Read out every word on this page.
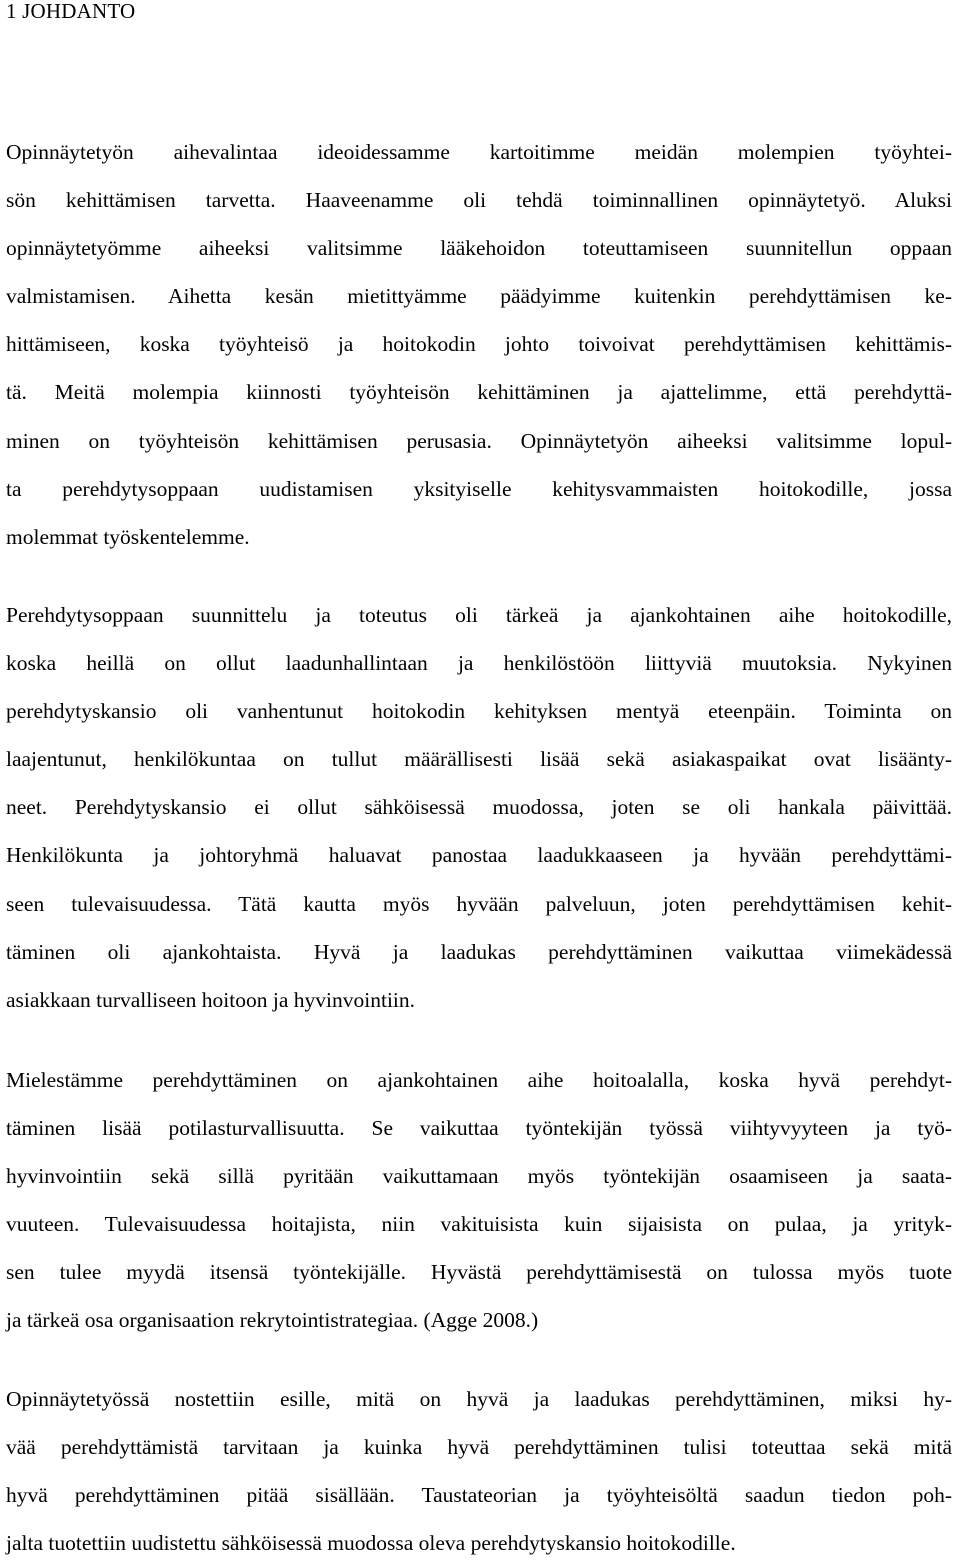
1 JOHDANTO

Opinnäytetyön aihevalintaa ideoidessamme kartoitimme meidän molempien työyhtei-
sön kehittämisen tarvetta. Haaveenamme oli tehdä toiminnallinen opinnäytetyö. Aluksi
opinnäytetyömme aiheeksi valitsimme lääkehoidon toteuttamiseen suunnitellun oppaan
valmistamisen. Aihetta kesän mietittyämme päädyimme kuitenkin perehdyttämisen ke-
hittämiseen, koska työyhteisö ja hoitokodin johto toivoivat perehdyttämisen kehittämis-
tä. Meitä molempia kiinnosti työyhteisön kehittäminen ja ajattelimme, että perehdyttä-
minen on työyhteisön kehittämisen perusasia. Opinnäytetyön aiheeksi valitsimme lopul-
ta perehdytysoppaan uudistamisen yksityiselle kehitysvammaisten hoitokodille, jossa
molemmat työskentelemme.

Perehdytysoppaan suunnittelu ja toteutus oli tärkeä ja ajankohtainen aihe hoitokodille,
koska heillä on ollut laadunhallintaan ja henkilöstöön liittyviä muutoksia. Nykyinen
perehdytyskansio oli vanhentunut hoitokodin kehityksen mentyä eteenpäin. Toiminta on
laajentunut, henkilökuntaa on tullut määrällisesti lisää sekä asiakaspaikat ovat lisäänty-
neet. Perehdytyskansio ei ollut sähköisessä muodossa, joten se oli hankala päivittää.
Henkilökunta ja johtoryhmä haluavat panostaa laadukkaaseen ja hyvään perehdyttämi-
seen tulevaisuudessa. Tätä kautta myös hyvään palveluun, joten perehdyttämisen kehit-
täminen oli ajankohtaista. Hyvä ja laadukas perehdyttäminen vaikuttaa viimekädessä
asiakkaan turvalliseen hoitoon ja hyvinvointiin.

Mielestämme perehdyttäminen on ajankohtainen aihe hoitoalalla, koska hyvä perehdyt-
täminen lisää potilasturvallisuutta. Se vaikuttaa työntekijän työssä viihtyvyyteen ja työ-
hyvinvointiin sekä sillä pyritään vaikuttamaan myös työntekijän osaamiseen ja saata-
vuuteen. Tulevaisuudessa hoitajista, niin vakituisista kuin sijaisista on pulaa, ja yrityk-
sen tulee myydä itsensä työntekijälle. Hyvästä perehdyttämisestä on tulossa myös tuote
ja tärkeä osa organisaation rekrytointistrategiaa. (Agge 2008.)

Opinnäytetyössä nostettiin esille, mitä on hyvä ja laadukas perehdyttäminen, miksi hy-
vää perehdyttämistä tarvitaan ja kuinka hyvä perehdyttäminen tulisi toteuttaa sekä mitä
hyvä perehdyttäminen pitää sisällään. Taustateorian ja työyhteisöltä saadun tiedon poh-
jalta tuotettiin uudistettu sähköisessä muodossa oleva perehdytyskansio hoitokodille.
